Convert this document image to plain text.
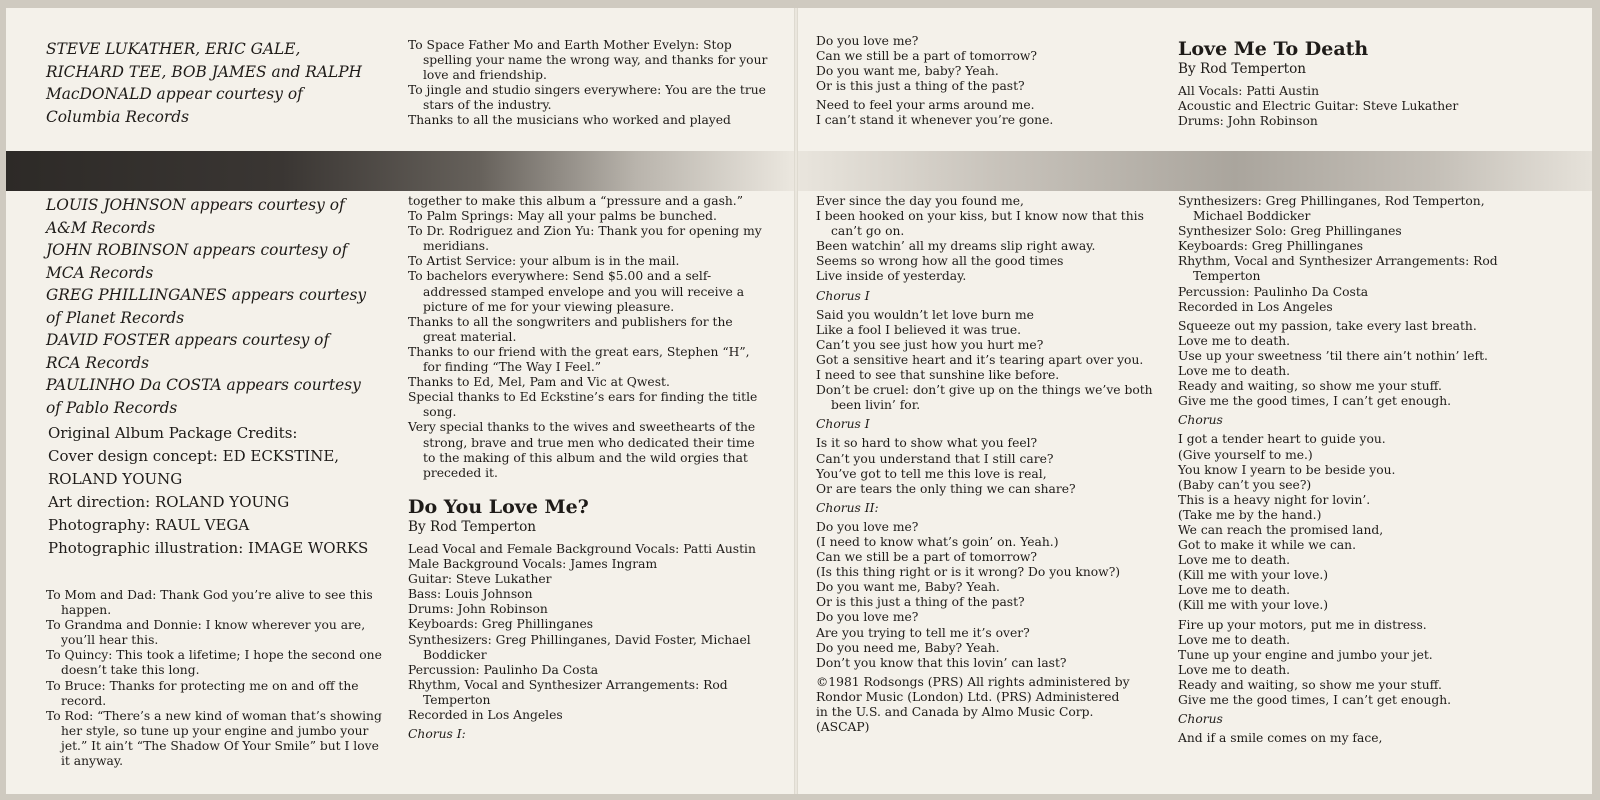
STEVE LUKATHER, ERIC GALE,

RICHARD TEE, BOB JAMES and RALPH

MacDONALD appear courtesy of

Columbia Records

LOUIS JOHNSON appears courtesy of

A&M Records

JOHN ROBINSON appears courtesy of

MCA Records

GREG PHILLINGANES appears courtesy

of Planet Records

DAVID FOSTER appears courtesy of

RCA Records

PAULINHO Da COSTA appears courtesy

of Pablo Records

Original Album Package Credits:

Cover design concept: ED ECKSTINE,

ROLAND YOUNG

Art direction: ROLAND YOUNG

Photography: RAUL VEGA

Photographic illustration: IMAGE WORKS

To Mom and Dad: Thank God you’re alive to see this happen.

To Grandma and Donnie: I know wherever you are, you’ll hear this.

To Quincy: This took a lifetime; I hope the second one doesn’t take this long.

To Bruce: Thanks for protecting me on and off the record.

To Rod: “There’s a new kind of woman that’s showing her style, so tune up your engine and jumbo your jet.” It ain’t “The Shadow Of Your Smile” but I love it anyway.

To Space Father Mo and Earth Mother Evelyn: Stop spelling your name the wrong way, and thanks for your love and friendship.

To jingle and studio singers everywhere: You are the true stars of the industry.

Thanks to all the musicians who worked and played

together to make this album a “pressure and a gash.”

To Palm Springs: May all your palms be bunched.

To Dr. Rodriguez and Zion Yu: Thank you for opening my meridians.

To Artist Service: your album is in the mail.

To bachelors everywhere: Send $5.00 and a self-addressed stamped envelope and you will receive a picture of me for your viewing pleasure.

Thanks to all the songwriters and publishers for the great material.

Thanks to our friend with the great ears, Stephen “H”, for finding “The Way I Feel.”

Thanks to Ed, Mel, Pam and Vic at Qwest.

Special thanks to Ed Eckstine’s ears for finding the title song.

Very special thanks to the wives and sweethearts of the strong, brave and true men who dedicated their time to the making of this album and the wild orgies that preceded it.

Do You Love Me?

By Rod Temperton

Lead Vocal and Female Background Vocals: Patti Austin

Male Background Vocals: James Ingram

Guitar: Steve Lukather

Bass: Louis Johnson

Drums: John Robinson

Keyboards: Greg Phillinganes

Synthesizers: Greg Phillinganes, David Foster, Michael Boddicker

Percussion: Paulinho Da Costa

Rhythm, Vocal and Synthesizer Arrangements: Rod Temperton

Recorded in Los Angeles

Chorus I:

Do you love me?

Can we still be a part of tomorrow?

Do you want me, baby? Yeah.

Or is this just a thing of the past?

Need to feel your arms around me.

I can’t stand it whenever you’re gone.

Ever since the day you found me,

I been hooked on your kiss, but I know now that this can’t go on.

Been watchin’ all my dreams slip right away.

Seems so wrong how all the good times

Live inside of yesterday.

Chorus I

Said you wouldn’t let love burn me

Like a fool I believed it was true.

Can’t you see just how you hurt me?

Got a sensitive heart and it’s tearing apart over you.

I need to see that sunshine like before.

Don’t be cruel: don’t give up on the things we’ve both been livin’ for.

Chorus I

Is it so hard to show what you feel?

Can’t you understand that I still care?

You’ve got to tell me this love is real,

Or are tears the only thing we can share?

Chorus II:

Do you love me?

(I need to know what’s goin’ on. Yeah.)

Can we still be a part of tomorrow?

(Is this thing right or is it wrong? Do you know?)

Do you want me, Baby? Yeah.

Or is this just a thing of the past?

Do you love me?

Are you trying to tell me it’s over?

Do you need me, Baby? Yeah.

Don’t you know that this lovin’ can last?

©1981 Rodsongs (PRS) All rights administered by

Rondor Music (London) Ltd. (PRS) Administered

in the U.S. and Canada by Almo Music Corp.

(ASCAP)

Love Me To Death

By Rod Temperton

All Vocals: Patti Austin

Acoustic and Electric Guitar: Steve Lukather

Drums: John Robinson

Synthesizers: Greg Phillinganes, Rod Temperton, Michael Boddicker

Synthesizer Solo: Greg Phillinganes

Keyboards: Greg Phillinganes

Rhythm, Vocal and Synthesizer Arrangements: Rod Temperton

Percussion: Paulinho Da Costa

Recorded in Los Angeles

Squeeze out my passion, take every last breath.

Love me to death.

Use up your sweetness ’til there ain’t nothin’ left.

Love me to death.

Ready and waiting, so show me your stuff.

Give me the good times, I can’t get enough.

Chorus

I got a tender heart to guide you.

(Give yourself to me.)

You know I yearn to be beside you.

(Baby can’t you see?)

This is a heavy night for lovin’.

(Take me by the hand.)

We can reach the promised land,

Got to make it while we can.

Love me to death.

(Kill me with your love.)

Love me to death.

(Kill me with your love.)

Fire up your motors, put me in distress.

Love me to death.

Tune up your engine and jumbo your jet.

Love me to death.

Ready and waiting, so show me your stuff.

Give me the good times, I can’t get enough.

Chorus

And if a smile comes on my face,
